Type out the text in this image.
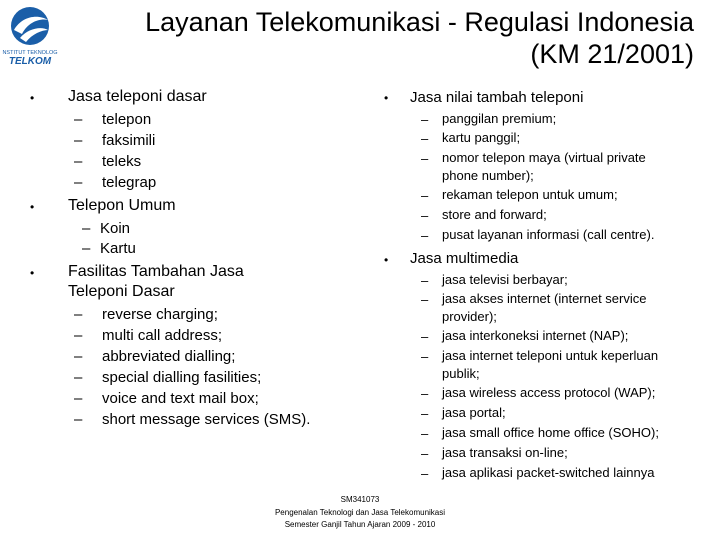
INSTITUT TEKNOLOGI
TELKOM
Layanan Telekomunikasi - Regulasi Indonesia
(KM 21/2001)
• Jasa teleponi dasar
– telepon
– faksimili
– teleks
– telegrap
• Telepon Umum
– Koin
– Kartu
• Fasilitas Tambahan Jasa
Teleponi Dasar
– reverse charging;
– multi call address;
– abbreviated dialling;
– special dialling fasilities;
– voice and text mail box;
– short message services (SMS).
• Jasa nilai tambah teleponi
– panggilan premium;
– kartu panggil;
– nomor telepon maya (virtual private
phone number);
– rekaman telepon untuk umum;
– store and forward;
– pusat layanan informasi (call centre).
• Jasa multimedia
– jasa televisi berbayar;
– jasa akses internet (internet service
provider);
– jasa interkoneksi internet (NAP);
– jasa internet teleponi untuk keperluan
publik;
– jasa wireless access protocol (WAP);
– jasa portal;
– jasa small office home office (SOHO);
– jasa transaksi on-line;
– jasa aplikasi packet-switched lainnya
SM341073
Pengenalan Teknologi dan Jasa Telekomunikasi
Semester Ganjil Tahun Ajaran 2009 - 2010
